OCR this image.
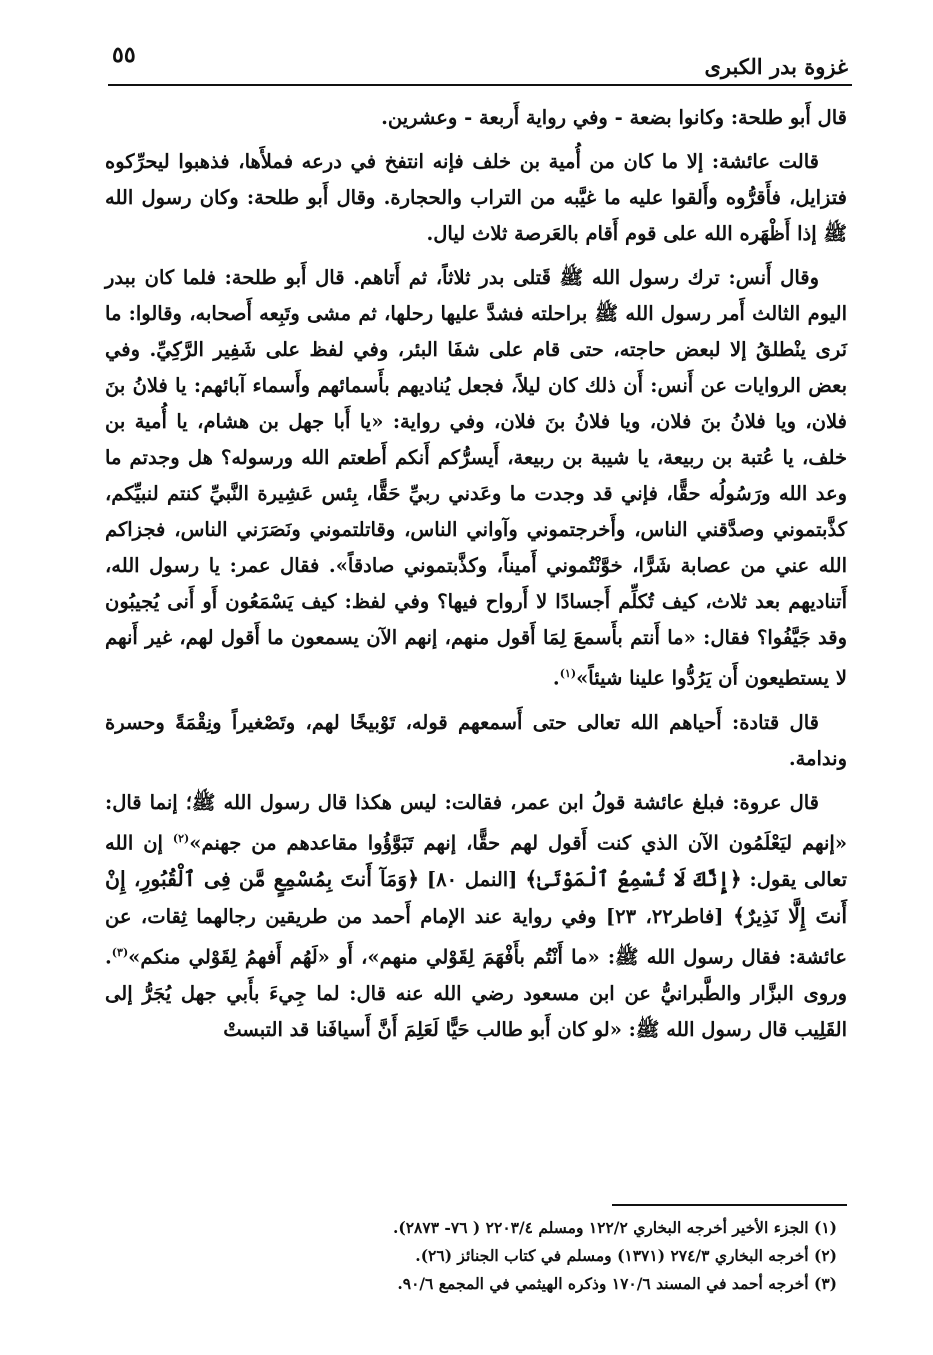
غزوة بدر الكبرى
٥٥

قال أَبو طلحة: وكانوا بضعة - وفي رواية أَربعة - وعشرين.

قالت عائشة: إلا ما كان من أُمية بن خلف فإنه انتفخ في درعه فملأَها، فذهبوا ليحرِّكوه فتزايل، فأَقرُّوه وأَلقوا عليه ما غيَّبه من التراب والحجارة. وقال أَبو طلحة: وكان رسول الله ﷺ إذا أَظْهَره الله على قوم أَقام بالعَرصة ثلاث ليال.

وقال أَنس: ترك رسول الله ﷺ قَتلى بدر ثلاثاً، ثم أَتاهم. قال أَبو طلحة: فلما كان ببدر اليوم الثالث أَمر رسول الله ﷺ براحلته فشدَّ عليها رحلها، ثم مشى وتَبِعه أَصحابه، وقالوا: ما نَرى ينْطلقُ إلا لبعض حاجته، حتى قام على شفَا البئر، وفي لفظ على شَفِير الرَّكِيِّ. وفي بعض الروايات عن أَنس: أَن ذلك كان ليلاً، فجعل يُناديهم بأَسمائهم وأَسماء آبائهم: يا فلانُ بنَ فلان، ويا فلانُ بنَ فلان، ويا فلانُ بنَ فلان، وفي رواية: «يا أَبا جهل بن هشام، يا أُمية بن خلف، يا عُتبة بن ربيعة، يا شيبة بن ربيعة، أَيسرُّكم أَنكم أَطعتم الله ورسوله؟ هل وجدتم ما وعد الله ورَسُولُه حقًّا، فإني قد وجدت ما وعَدني ربيِّ حَقًّا، بِئس عَشِيرة النَّبيِّ كنتم لنبيِّكم، كذَّبتموني وصدَّقني الناس، وأَخرجتموني وآواني الناس، وقاتلتموني ونَصَرَني الناس، فجزاكم الله عني من عصابة شَرًّا، خوَّنْتُموني أَميناً، وكذَّبتموني صادقاً». فقال عمر: يا رسول الله، أَتناديهم بعد ثلاث، كيف تُكلِّم أَجسادًا لا أَرواح فيها؟ وفي لفظ: كيف يَسْمَعُون أَو أَنى يُجيبُون وقد جَيَّفُوا؟ فقال: «ما أَنتم بأَسمعَ لِمَا أَقول منهم، إنهم الآن يسمعون ما أَقول لهم، غير أَنهم لا يستطيعون أَن يَرُدُّوا علينا شيئاً»$^{(١)}$.

قال قتادة: أَحياهم الله تعالى حتى أَسمعهم قوله، تَوْبيخًا لهم، وتَصْغيراً ونِقْمَةً وحسرة وندامة.

قال عروة: فبلغ عائشة قولُ ابن عمر، فقالت: ليس هكذا قال رسول الله ﷺ؛ إنما قال: «إنهم ليَعْلَمُون الآن الذي كنت أَقول لهم حقًّا، إنهم تَبَوَّؤُوا مقاعدهم من جهنم»$^{(٢)}$ إن الله تعالى يقول: ﴿إِنَّكَ لَا تُسْمِعُ ٱلْمَوْتَىٰ﴾ [النمل ٨٠] ﴿وَمَآ أَنتَ بِمُسْمِعٍ مَّن فِى ٱلْقُبُورِ، إِنْ أَنتَ إِلَّا نَذِيرٌ﴾ [فاطر٢٢، ٢٣] وفي رواية عند الإمام أَحمد من طريقين رجالهما ثِقات، عن عائشة: فقال رسول الله ﷺ: «ما أَنْتُم بأَفْهَمَ لِقَوْلي منهم»، أَو «لَهُم أَفهمُ لِقَوْلي منكم»$^{(٣)}$. وروى البزَّار والطَّبرانيُّ عن ابن مسعود رضي الله عنه قال: لما جِيءَ بأَبي جهل يُجَرُّ إلى القَلِيب قال رسول الله ﷺ: «لو كان أَبو طالب حَيًّا لَعَلِمَ أَنَّ أَسيافَنا قد التبستْ

(١) الجزء الأخير أخرجه البخاري ١٢٢/٢ ومسلم ٢٢٠٣/٤ ( ٧٦- ٢٨٧٣).
(٢) أخرجه البخاري ٢٧٤/٣ (١٣٧١) ومسلم في كتاب الجنائز (٢٦).
(٣) أخرجه أحمد في المسند ١٧٠/٦ وذكره الهيثمي في المجمع ٩٠/٦.
